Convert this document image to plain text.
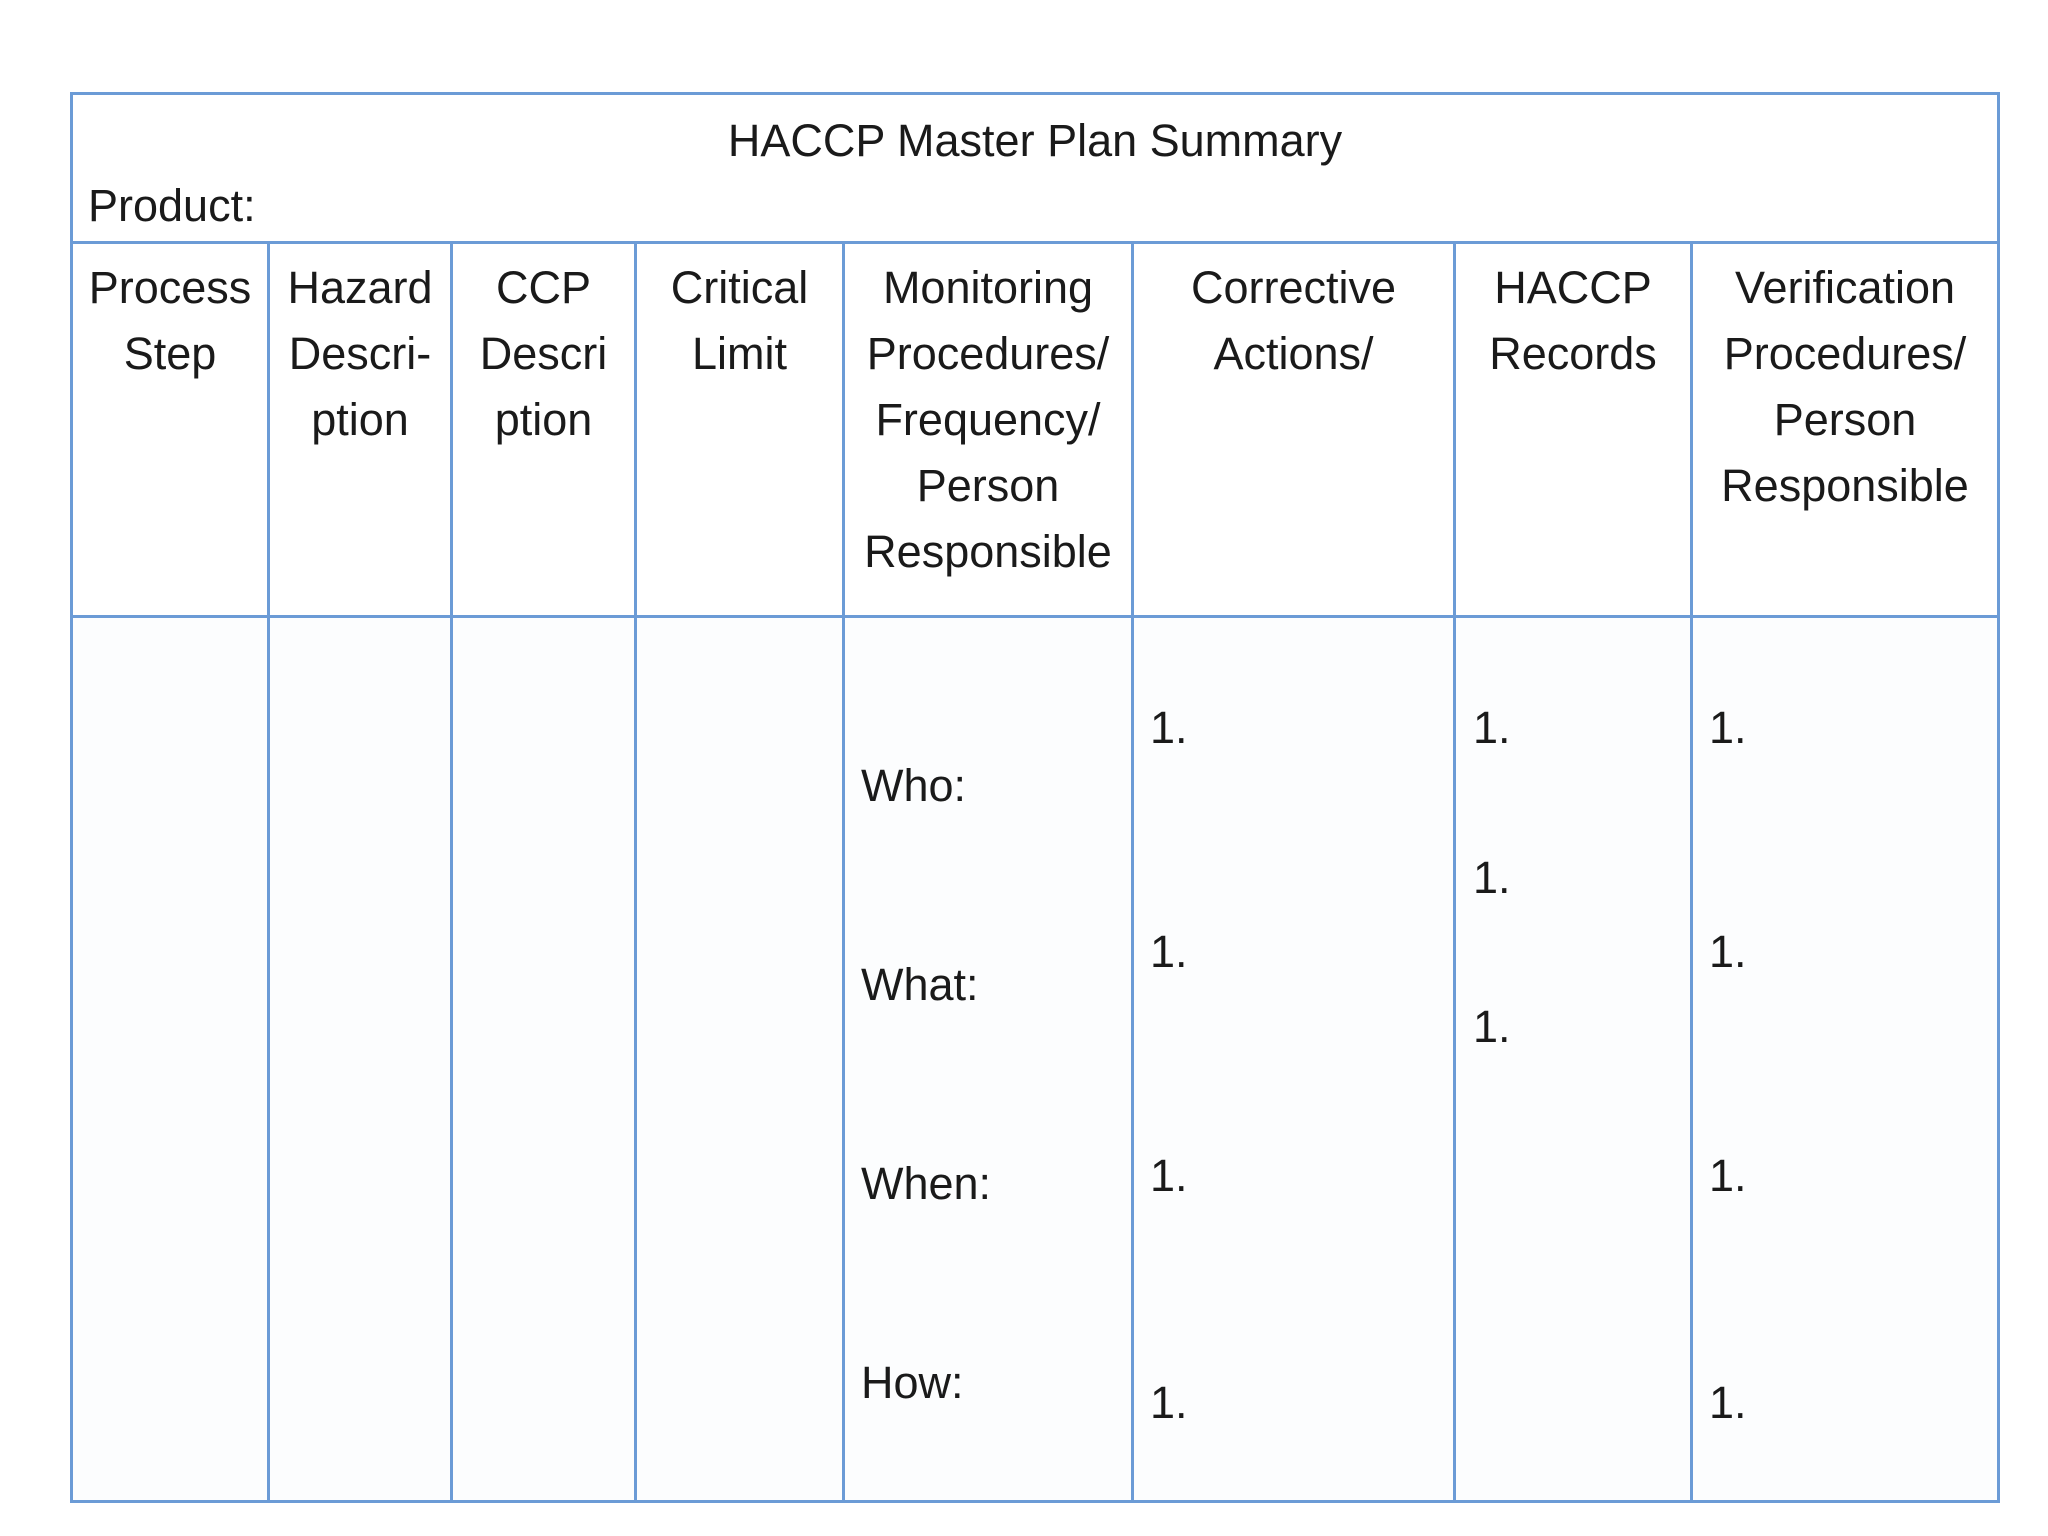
HACCP Master Plan Summary
Product:
Process
Step
Hazard
Descri-
ption
CCP
Descri
ption
Critical
Limit
Monitoring
Procedures/
Frequency/
Person
Responsible
Corrective
Actions/
HACCP
Records
Verification
Procedures/
Person
Responsible
Who:
What:
When:
How:
1.
1.
1.
1.
1.
1.
1.
1.
1.
1.
1.
